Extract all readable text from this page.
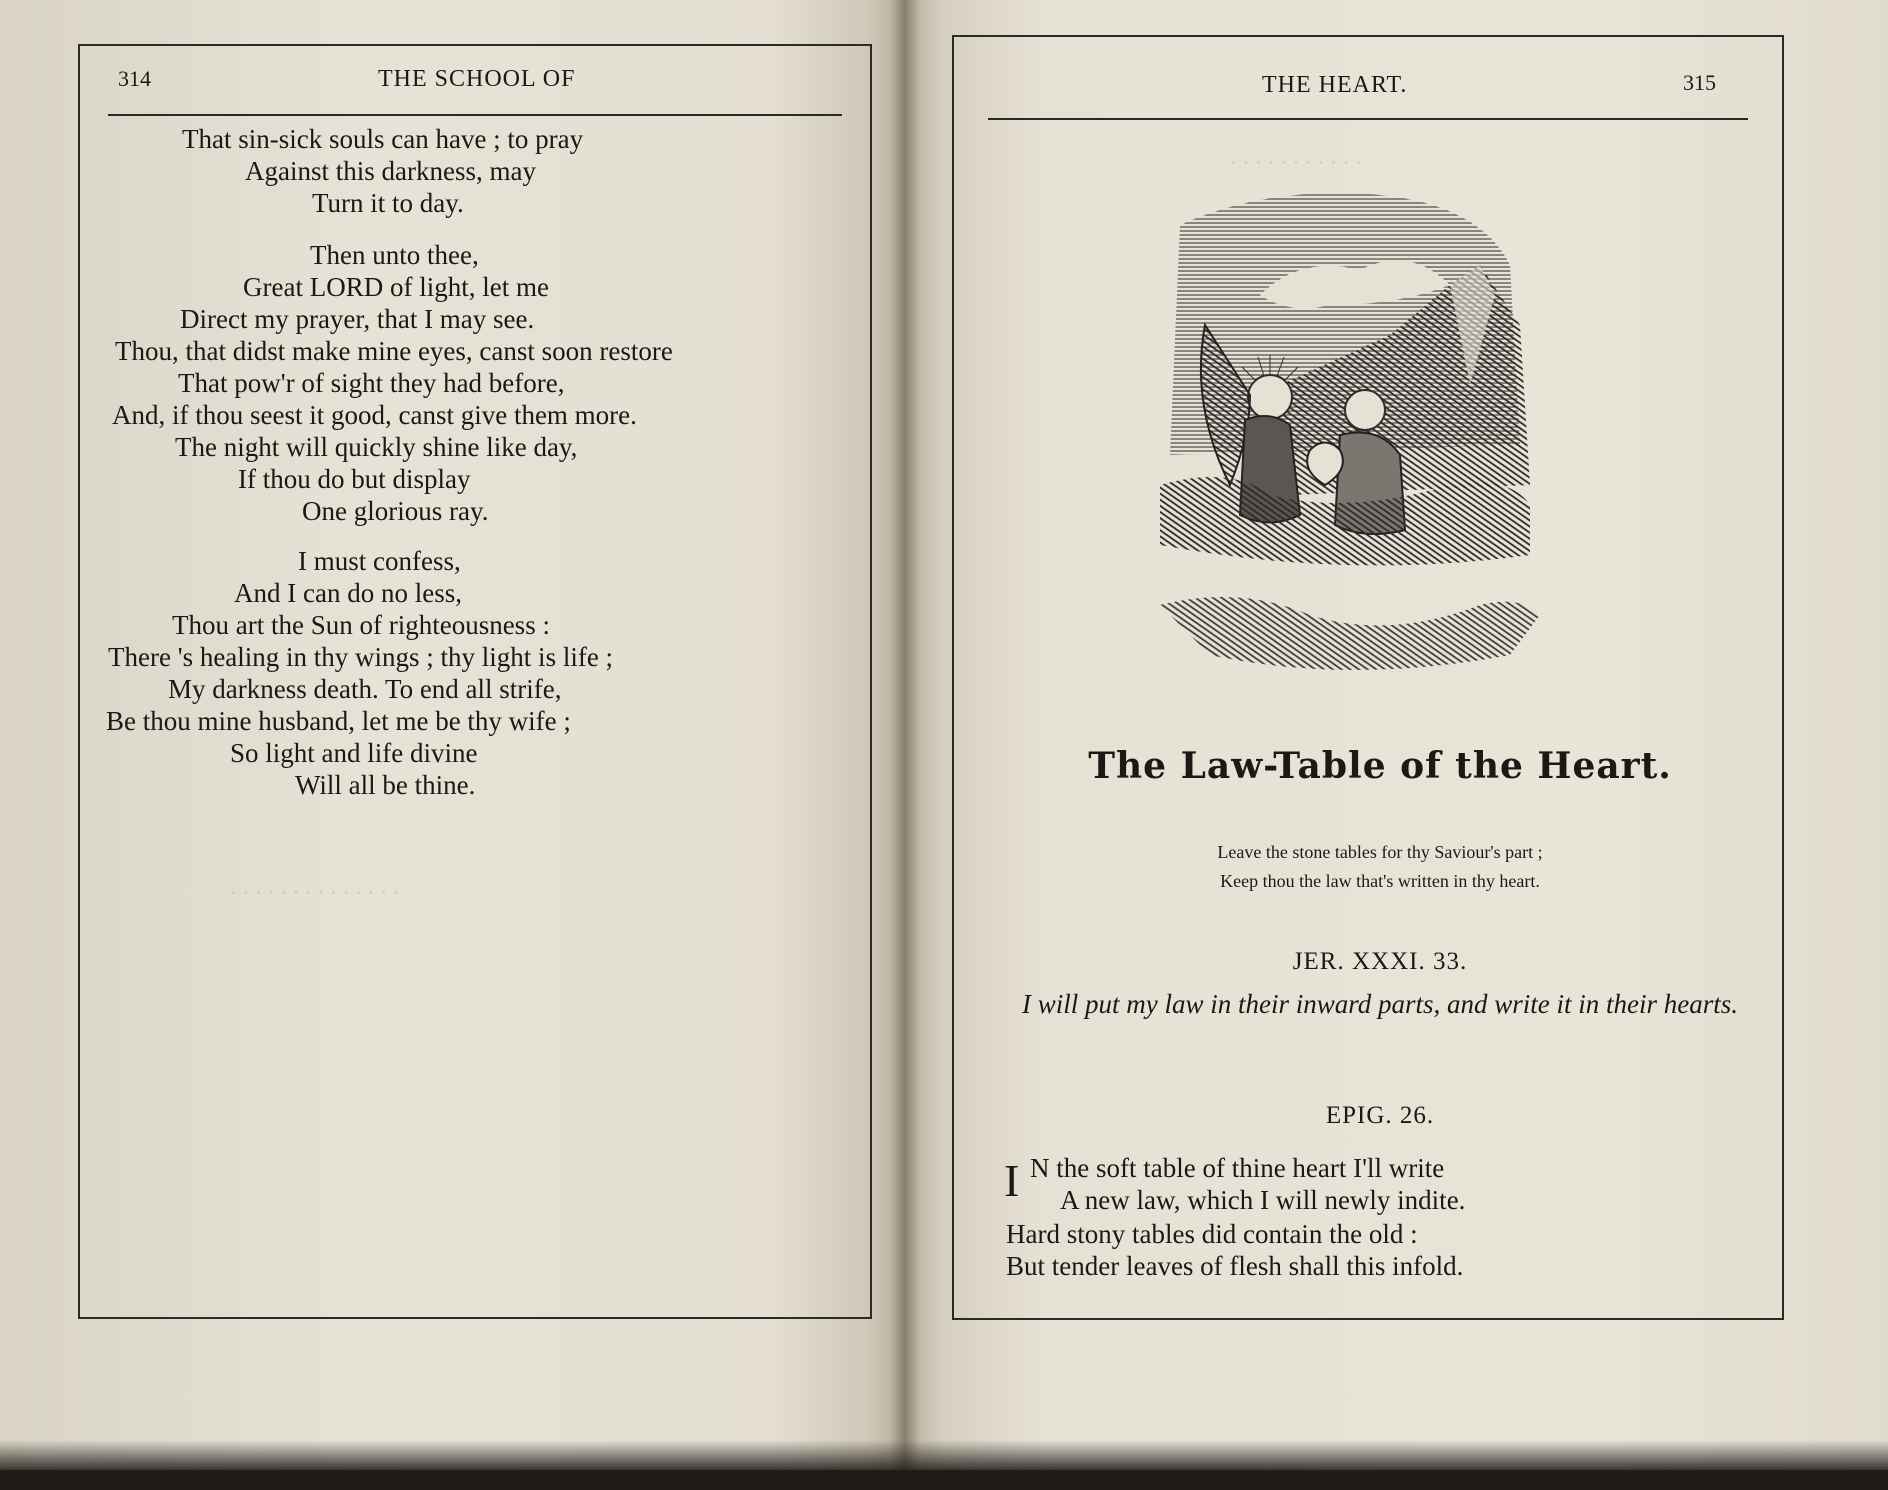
· · · · · · · · · · ·
· · · · · · · · · · · · · ·
314	THE SCHOOL OF
That sin-sick souls can have ; to pray
Against this darkness, may
Turn it to day.
Then unto thee,
Great LORD of light, let me
Direct my prayer, that I may see.
Thou, that didst make mine eyes, canst soon restore
That pow'r of sight they had before,
And, if thou seest it good, canst give them more.
The night will quickly shine like day,
If thou do but display
One glorious ray.
I must confess,
And I can do no less,
Thou art the Sun of righteousness :
There 's healing in thy wings ; thy light is life ;
My darkness death. To end all strife,
Be thou mine husband, let me be thy wife ;
So light and life divine
Will all be thine.
THE HEART.	315
The Law-Table of the Heart.
Leave the stone tables for thy Saviour's part ;
Keep thou the law that's written in thy heart.
JER. XXXI. 33.
I will put my law in their inward parts, and write it in their hearts.
EPIG. 26.
I N the soft table of thine heart I'll write
A new law, which I will newly indite.
Hard stony tables did contain the old :
But tender leaves of flesh shall this infold.
